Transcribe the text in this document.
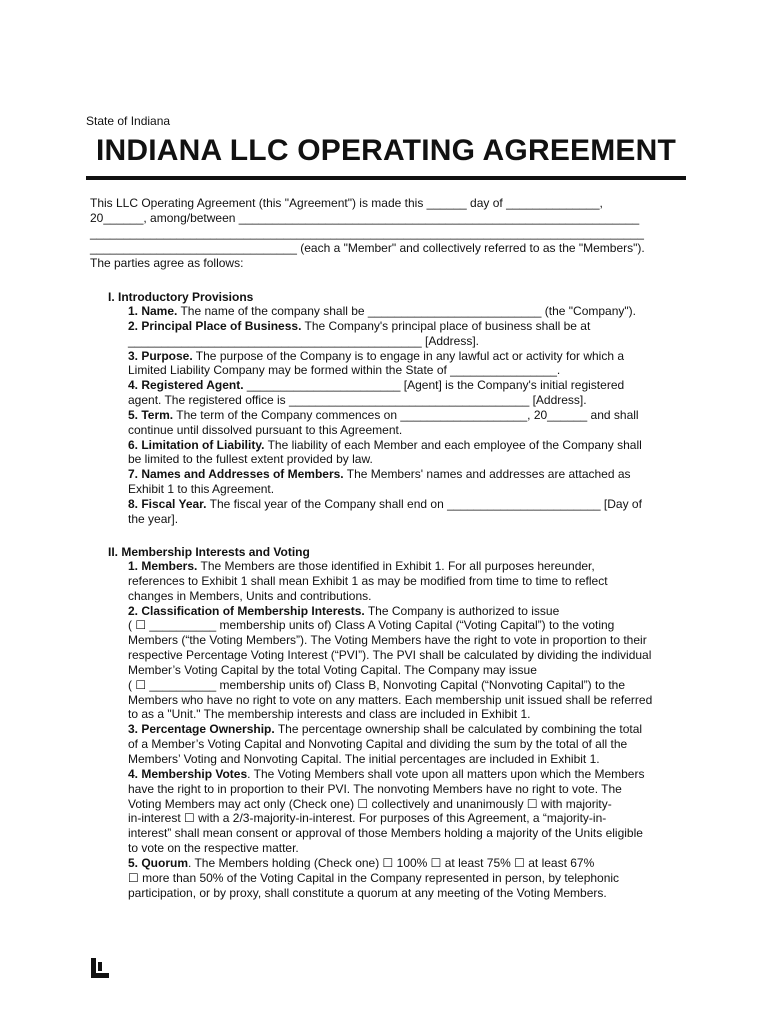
State of Indiana
INDIANA LLC OPERATING AGREEMENT
This LLC Operating Agreement (this "Agreement") is made this ______ day of ______________,
20______, among/between ____________________________________________________________
___________________________________________________________________________________
_______________________________ (each a "Member" and collectively referred to as the "Members").
The parties agree as follows:
I. Introductory Provisions
1. Name. The name of the company shall be __________________________ (the "Company").
2. Principal Place of Business. The Company's principal place of business shall be at
____________________________________________ [Address].
3. Purpose. The purpose of the Company is to engage in any lawful act or activity for which a
Limited Liability Company may be formed within the State of ________________.
4. Registered Agent. _______________________ [Agent] is the Company's initial registered
agent. The registered office is ____________________________________ [Address].
5. Term. The term of the Company commences on ___________________, 20______ and shall
continue until dissolved pursuant to this Agreement.
6. Limitation of Liability. The liability of each Member and each employee of the Company shall
be limited to the fullest extent provided by law.
7. Names and Addresses of Members. The Members' names and addresses are attached as
Exhibit 1 to this Agreement.
8. Fiscal Year. The fiscal year of the Company shall end on _______________________ [Day of
the year].
II. Membership Interests and Voting
1. Members. The Members are those identified in Exhibit 1. For all purposes hereunder,
references to Exhibit 1 shall mean Exhibit 1 as may be modified from time to time to reflect
changes in Members, Units and contributions.
2. Classification of Membership Interests. The Company is authorized to issue
( ☐ __________ membership units of) Class A Voting Capital (“Voting Capital”) to the voting
Members (“the Voting Members”). The Voting Members have the right to vote in proportion to their
respective Percentage Voting Interest (“PVI”). The PVI shall be calculated by dividing the individual
Member’s Voting Capital by the total Voting Capital. The Company may issue
( ☐ __________ membership units of) Class B, Nonvoting Capital (“Nonvoting Capital”) to the
Members who have no right to vote on any matters. Each membership unit issued shall be referred
to as a "Unit." The membership interests and class are included in Exhibit 1.
3. Percentage Ownership. The percentage ownership shall be calculated by combining the total
of a Member’s Voting Capital and Nonvoting Capital and dividing the sum by the total of all the
Members’ Voting and Nonvoting Capital. The initial percentages are included in Exhibit 1.
4. Membership Votes. The Voting Members shall vote upon all matters upon which the Members
have the right to in proportion to their PVI. The nonvoting Members have no right to vote. The
Voting Members may act only (Check one) ☐ collectively and unanimously ☐ with majority-
in-interest ☐ with a 2/3-majority-in-interest. For purposes of this Agreement, a “majority-in-
interest” shall mean consent or approval of those Members holding a majority of the Units eligible
to vote on the respective matter.
5. Quorum. The Members holding (Check one) ☐ 100% ☐ at least 75% ☐ at least 67%
☐ more than 50% of the Voting Capital in the Company represented in person, by telephonic
participation, or by proxy, shall constitute a quorum at any meeting of the Voting Members.
